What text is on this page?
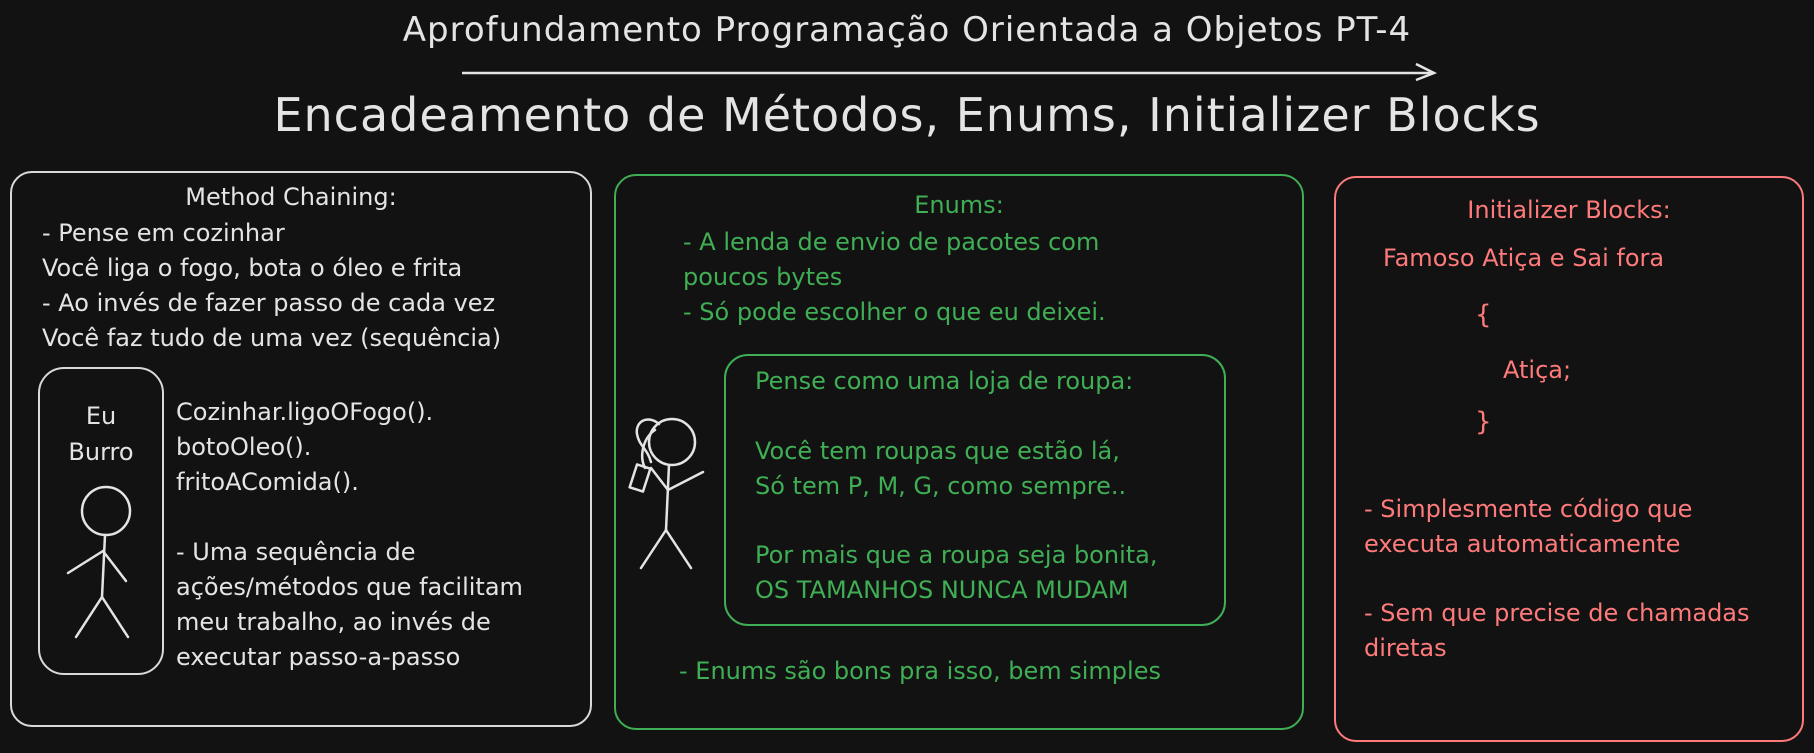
Aprofundamento Programação Orientada a Objetos PT-4
Encadeamento de Métodos, Enums, Initializer Blocks
Method Chaining:
- Pense em cozinhar
Você liga o fogo, bota o óleo e frita
- Ao invés de fazer passo de cada vez
Você faz tudo de uma vez (sequência)
Eu
Burro
Cozinhar.ligoOFogo().
botoOleo().
fritoAComida().
- Uma sequência de
ações/métodos que facilitam
meu trabalho, ao invés de
executar passo-a-passo
Enums:
- A lenda de envio de pacotes com
poucos bytes
- Só pode escolher o que eu deixei.
Pense como uma loja de roupa:
Você tem roupas que estão lá,
Só tem P, M, G, como sempre..
Por mais que a roupa seja bonita,
OS TAMANHOS NUNCA MUDAM
- Enums são bons pra isso, bem simples
Initializer Blocks:
Famoso Atiça e Sai fora
{
Atiça;
}
- Simplesmente código que
executa automaticamente
- Sem que precise de chamadas
diretas
